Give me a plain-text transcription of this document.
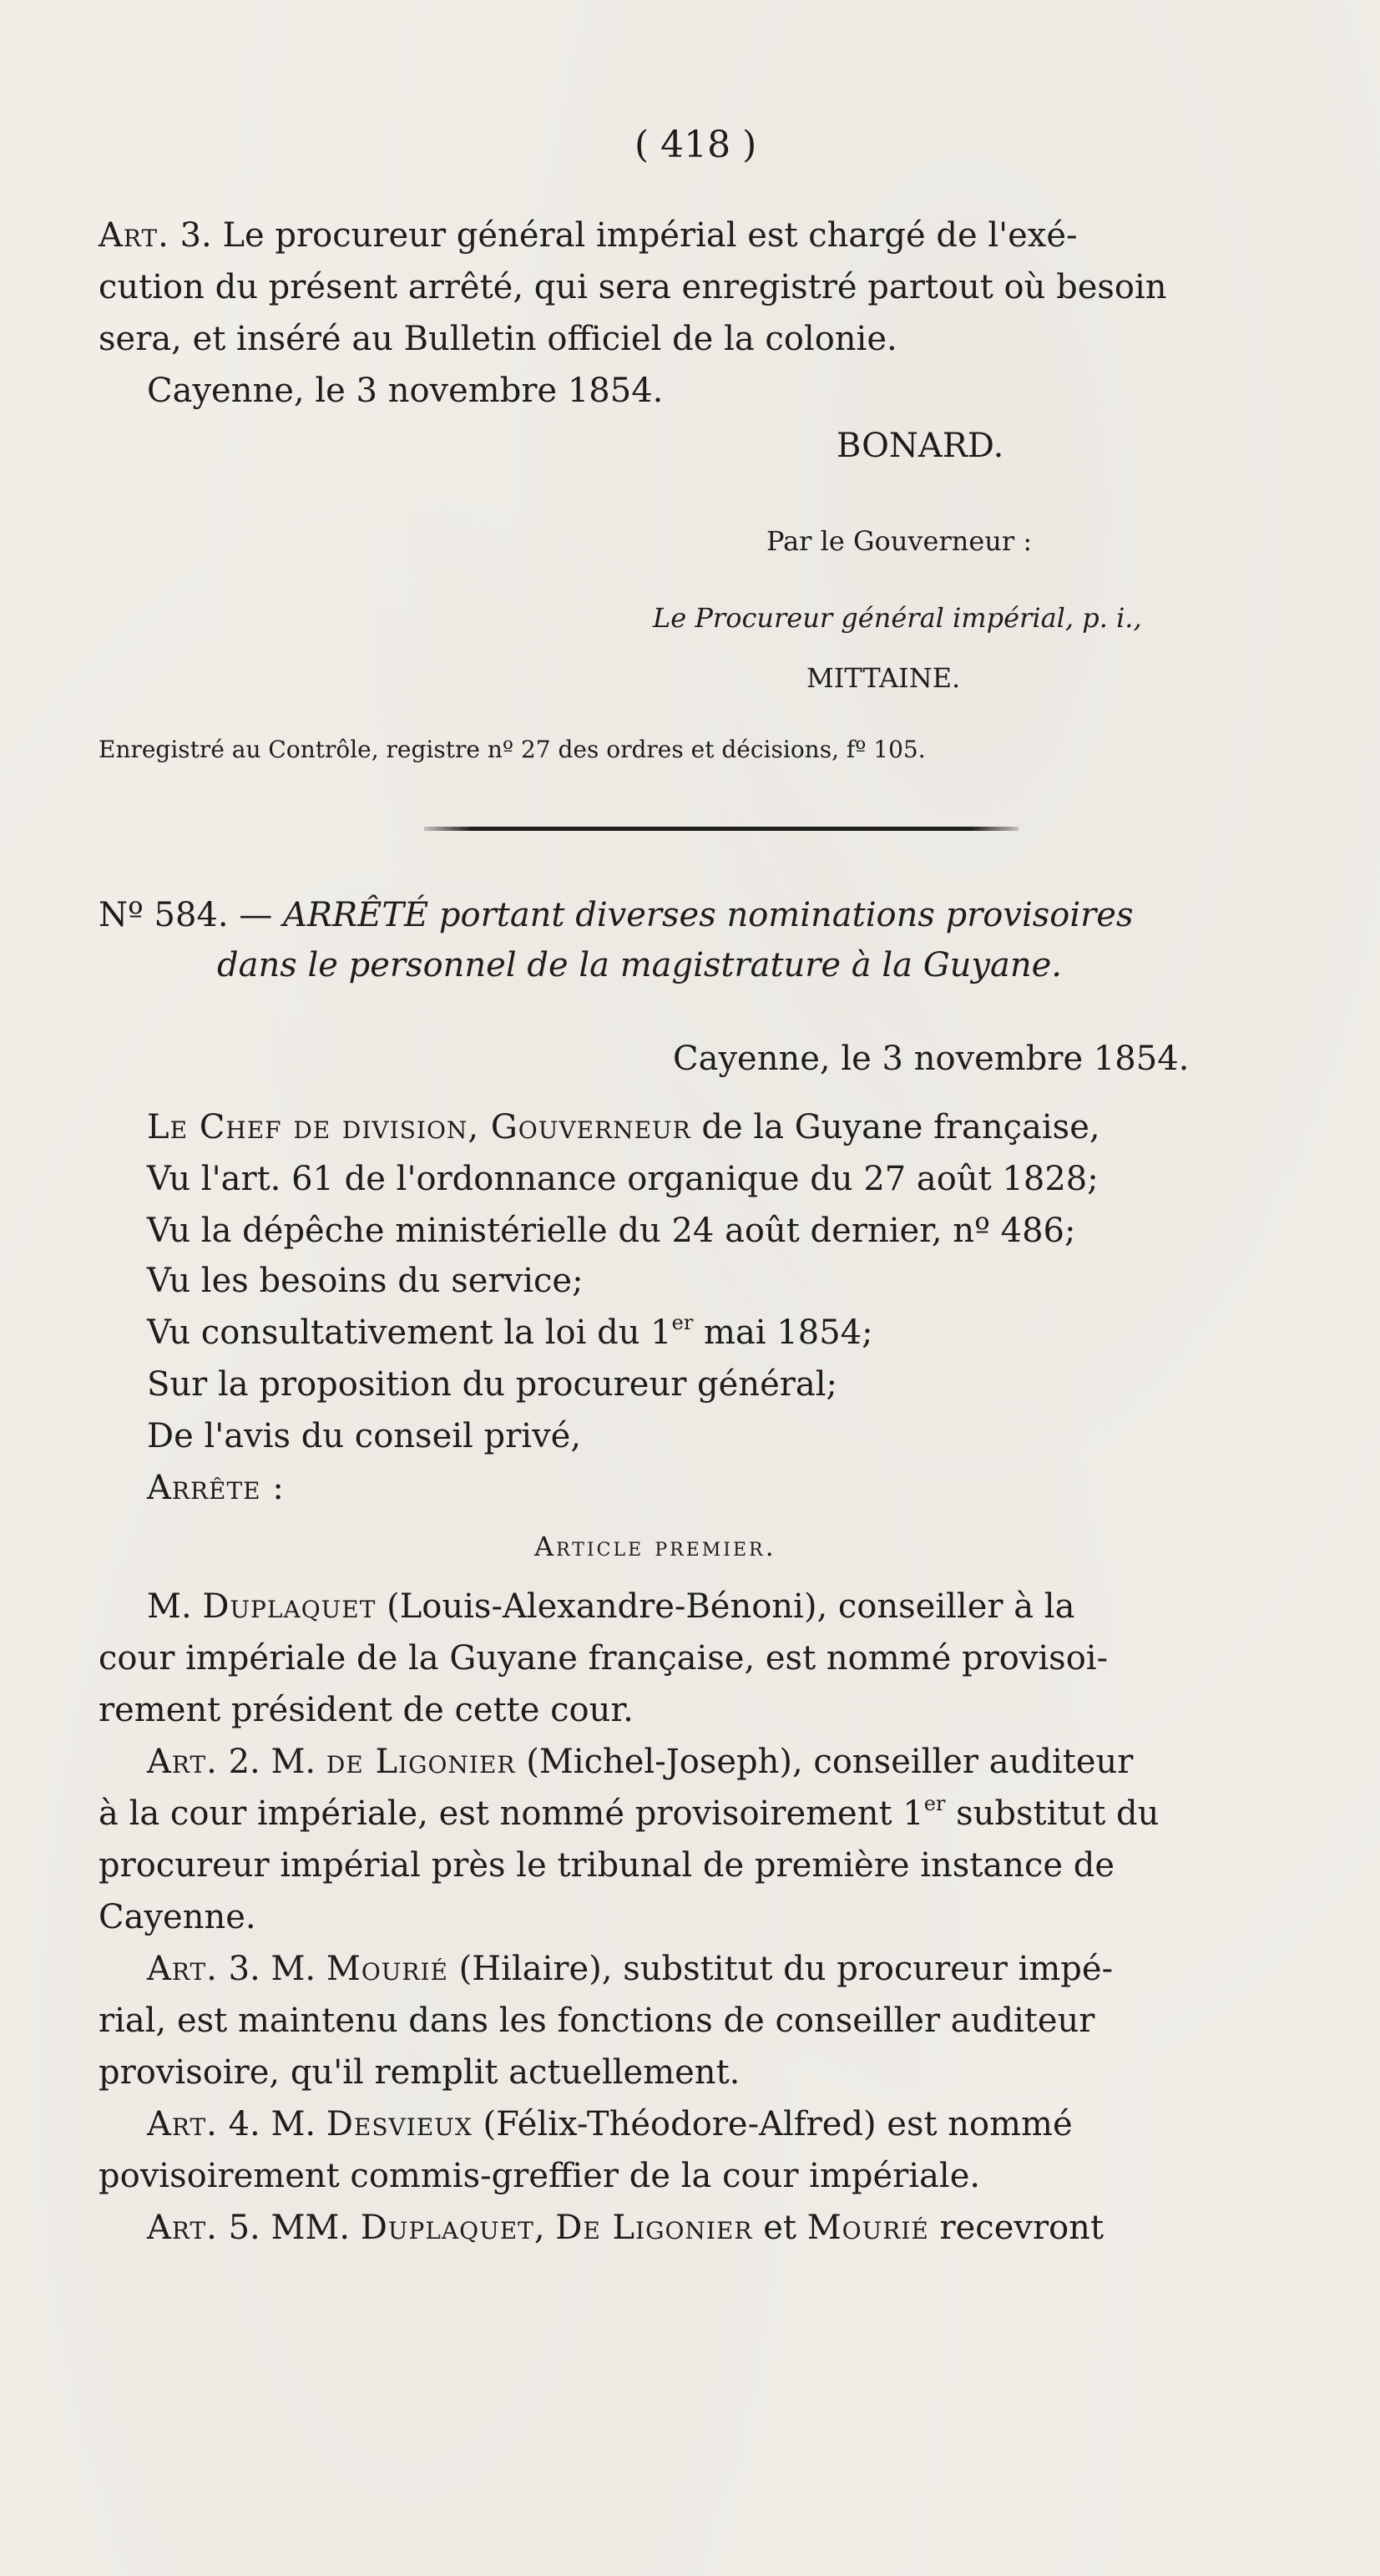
( 418 )
Art. 3. Le procureur général impérial est chargé de l'exé-
cution du présent arrêté, qui sera enregistré partout où besoin
sera, et inséré au Bulletin officiel de la colonie.
Cayenne, le 3 novembre 1854.
BONARD.
Par le Gouverneur :
Le Procureur général impérial, p. i.,
MITTAINE.
Enregistré au Contrôle, registre nº 27 des ordres et décisions, fº 105.
Nº 584. — ARRÊTÉ portant diverses nominations provisoires
dans le personnel de la magistrature à la Guyane.
Cayenne, le 3 novembre 1854.
Le Chef de division, Gouverneur de la Guyane française,
Vu l'art. 61 de l'ordonnance organique du 27 août 1828;
Vu la dépêche ministérielle du 24 août dernier, nº 486;
Vu les besoins du service;
Vu consultativement la loi du 1er mai 1854;
Sur la proposition du procureur général;
De l'avis du conseil privé,
Arrête :
Article premier.
M. Duplaquet (Louis-Alexandre-Bénoni), conseiller à la
cour impériale de la Guyane française, est nommé provisoi-
rement président de cette cour.
Art. 2. M. de Ligonier (Michel-Joseph), conseiller auditeur
à la cour impériale, est nommé provisoirement 1er substitut du
procureur impérial près le tribunal de première instance de
Cayenne.
Art. 3. M. Mourié (Hilaire), substitut du procureur impé-
rial, est maintenu dans les fonctions de conseiller auditeur
provisoire, qu'il remplit actuellement.
Art. 4. M. Desvieux (Félix-Théodore-Alfred) est nommé
povisoirement commis-greffier de la cour impériale.
Art. 5. MM. Duplaquet, De Ligonier et Mourié recevront
